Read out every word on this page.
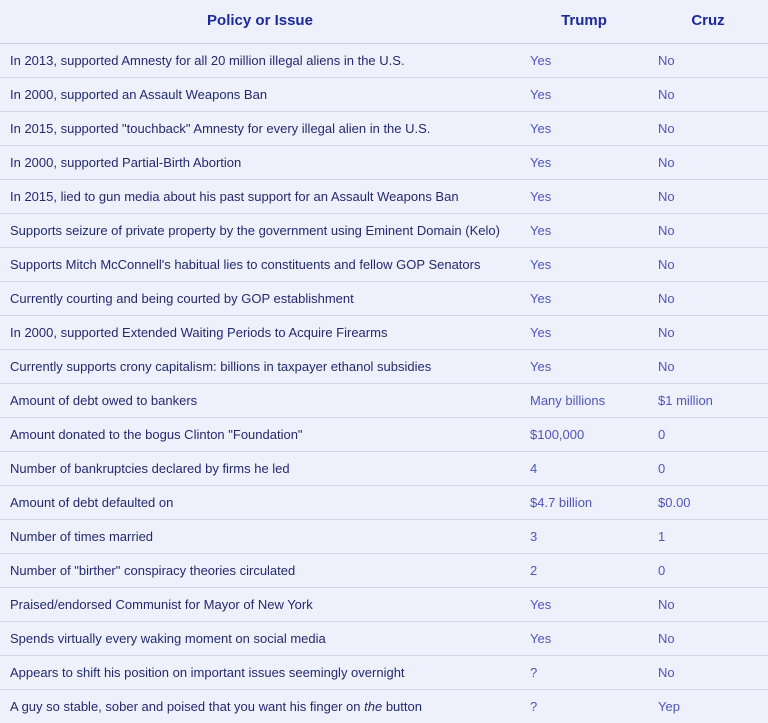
Policy or Issue	Trump	Cruz
In 2013, supported Amnesty for all 20 million illegal aliens in the U.S.	Yes	No
In 2000, supported an Assault Weapons Ban	Yes	No
In 2015, supported "touchback" Amnesty for every illegal alien in the U.S.	Yes	No
In 2000, supported Partial-Birth Abortion	Yes	No
In 2015, lied to gun media about his past support for an Assault Weapons Ban	Yes	No
Supports seizure of private property by the government using Eminent Domain (Kelo)	Yes	No
Supports Mitch McConnell's habitual lies to constituents and fellow GOP Senators	Yes	No
Currently courting and being courted by GOP establishment	Yes	No
In 2000, supported Extended Waiting Periods to Acquire Firearms	Yes	No
Currently supports crony capitalism: billions in taxpayer ethanol subsidies	Yes	No
Amount of debt owed to bankers	Many billions	$1 million
Amount donated to the bogus Clinton "Foundation"	$100,000	0
Number of bankruptcies declared by firms he led	4	0
Amount of debt defaulted on	$4.7 billion	$0.00
Number of times married	3	1
Number of "birther" conspiracy theories circulated	2	0
Praised/endorsed Communist for Mayor of New York	Yes	No
Spends virtually every waking moment on social media	Yes	No
Appears to shift his position on important issues seemingly overnight	?	No
A guy so stable, sober and poised that you want his finger on the button	?	Yep
